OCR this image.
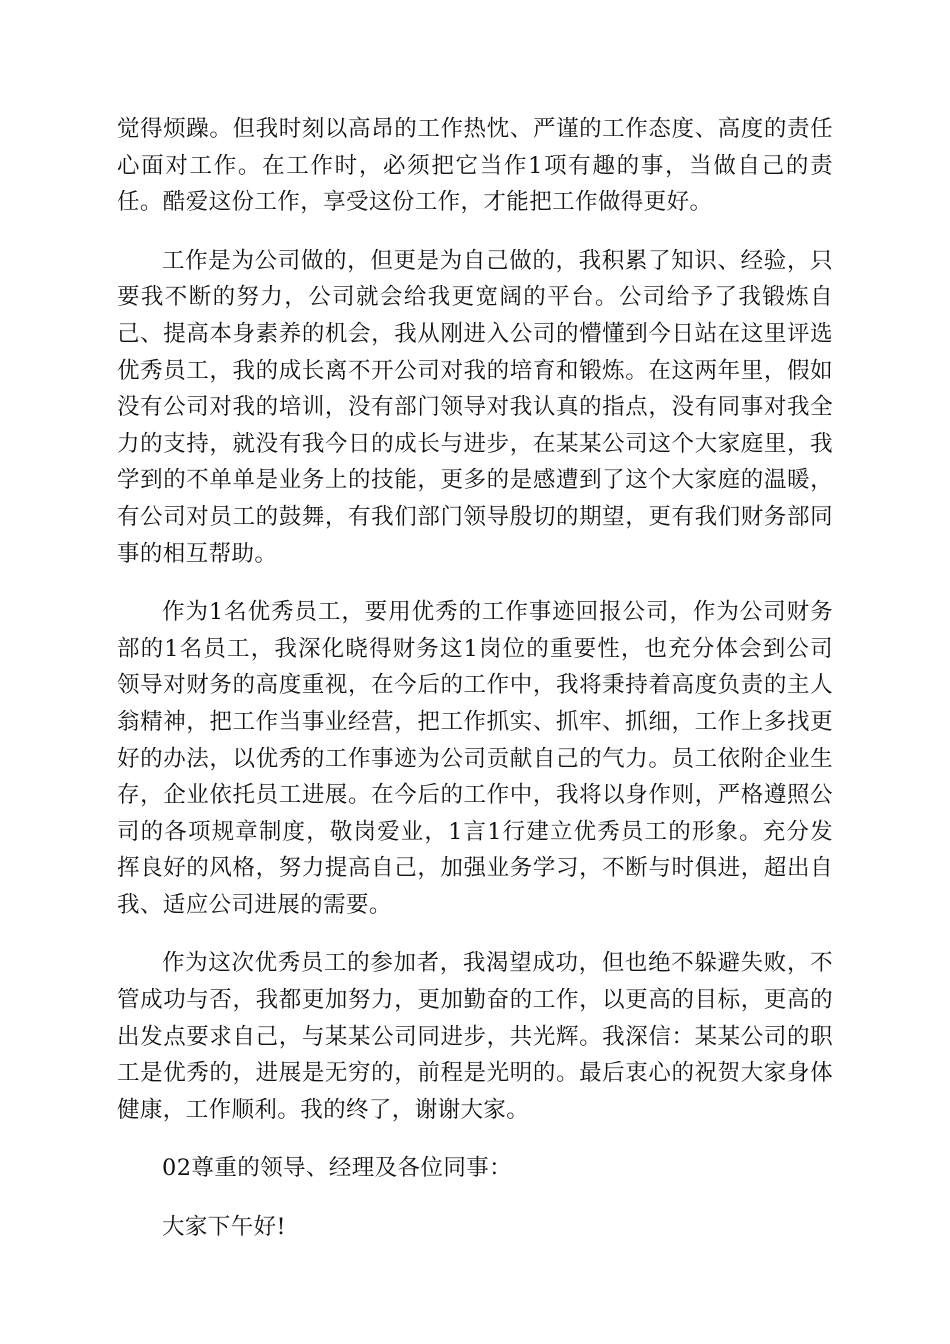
觉得烦躁。但我时刻以高昂的工作热忱、严谨的工作态度、高度的责任心面对工作。在工作时，必须把它当作1项有趣的事，当做自己的责任。酷爱这份工作，享受这份工作，才能把工作做得更好。

工作是为公司做的，但更是为自己做的，我积累了知识、经验，只要我不断的努力，公司就会给我更宽阔的平台。公司给予了我锻炼自己、提高本身素养的机会，我从刚进入公司的懵懂到今日站在这里评选优秀员工，我的成长离不开公司对我的培育和锻炼。在这两年里，假如没有公司对我的培训，没有部门领导对我认真的指点，没有同事对我全力的支持，就没有我今日的成长与进步，在某某公司这个大家庭里，我学到的不单单是业务上的技能，更多的是感遭到了这个大家庭的温暖，有公司对员工的鼓舞，有我们部门领导殷切的期望，更有我们财务部同事的相互帮助。

作为1名优秀员工，要用优秀的工作事迹回报公司，作为公司财务部的1名员工，我深化晓得财务这1岗位的重要性，也充分体会到公司领导对财务的高度重视，在今后的工作中，我将秉持着高度负责的主人翁精神，把工作当事业经营，把工作抓实、抓牢、抓细，工作上多找更好的办法，以优秀的工作事迹为公司贡献自己的气力。员工依附企业生存，企业依托员工进展。在今后的工作中，我将以身作则，严格遵照公司的各项规章制度，敬岗爱业，1言1行建立优秀员工的形象。充分发挥良好的风格，努力提高自己，加强业务学习，不断与时俱进，超出自我、适应公司进展的需要。

作为这次优秀员工的参加者，我渴望成功，但也绝不躲避失败，不管成功与否，我都更加努力，更加勤奋的工作，以更高的目标，更高的出发点要求自己，与某某公司同进步，共光辉。我深信：某某公司的职工是优秀的，进展是无穷的，前程是光明的。最后衷心的祝贺大家身体健康，工作顺利。我的终了，谢谢大家。

02尊重的领导、经理及各位同事：

大家下午好!
